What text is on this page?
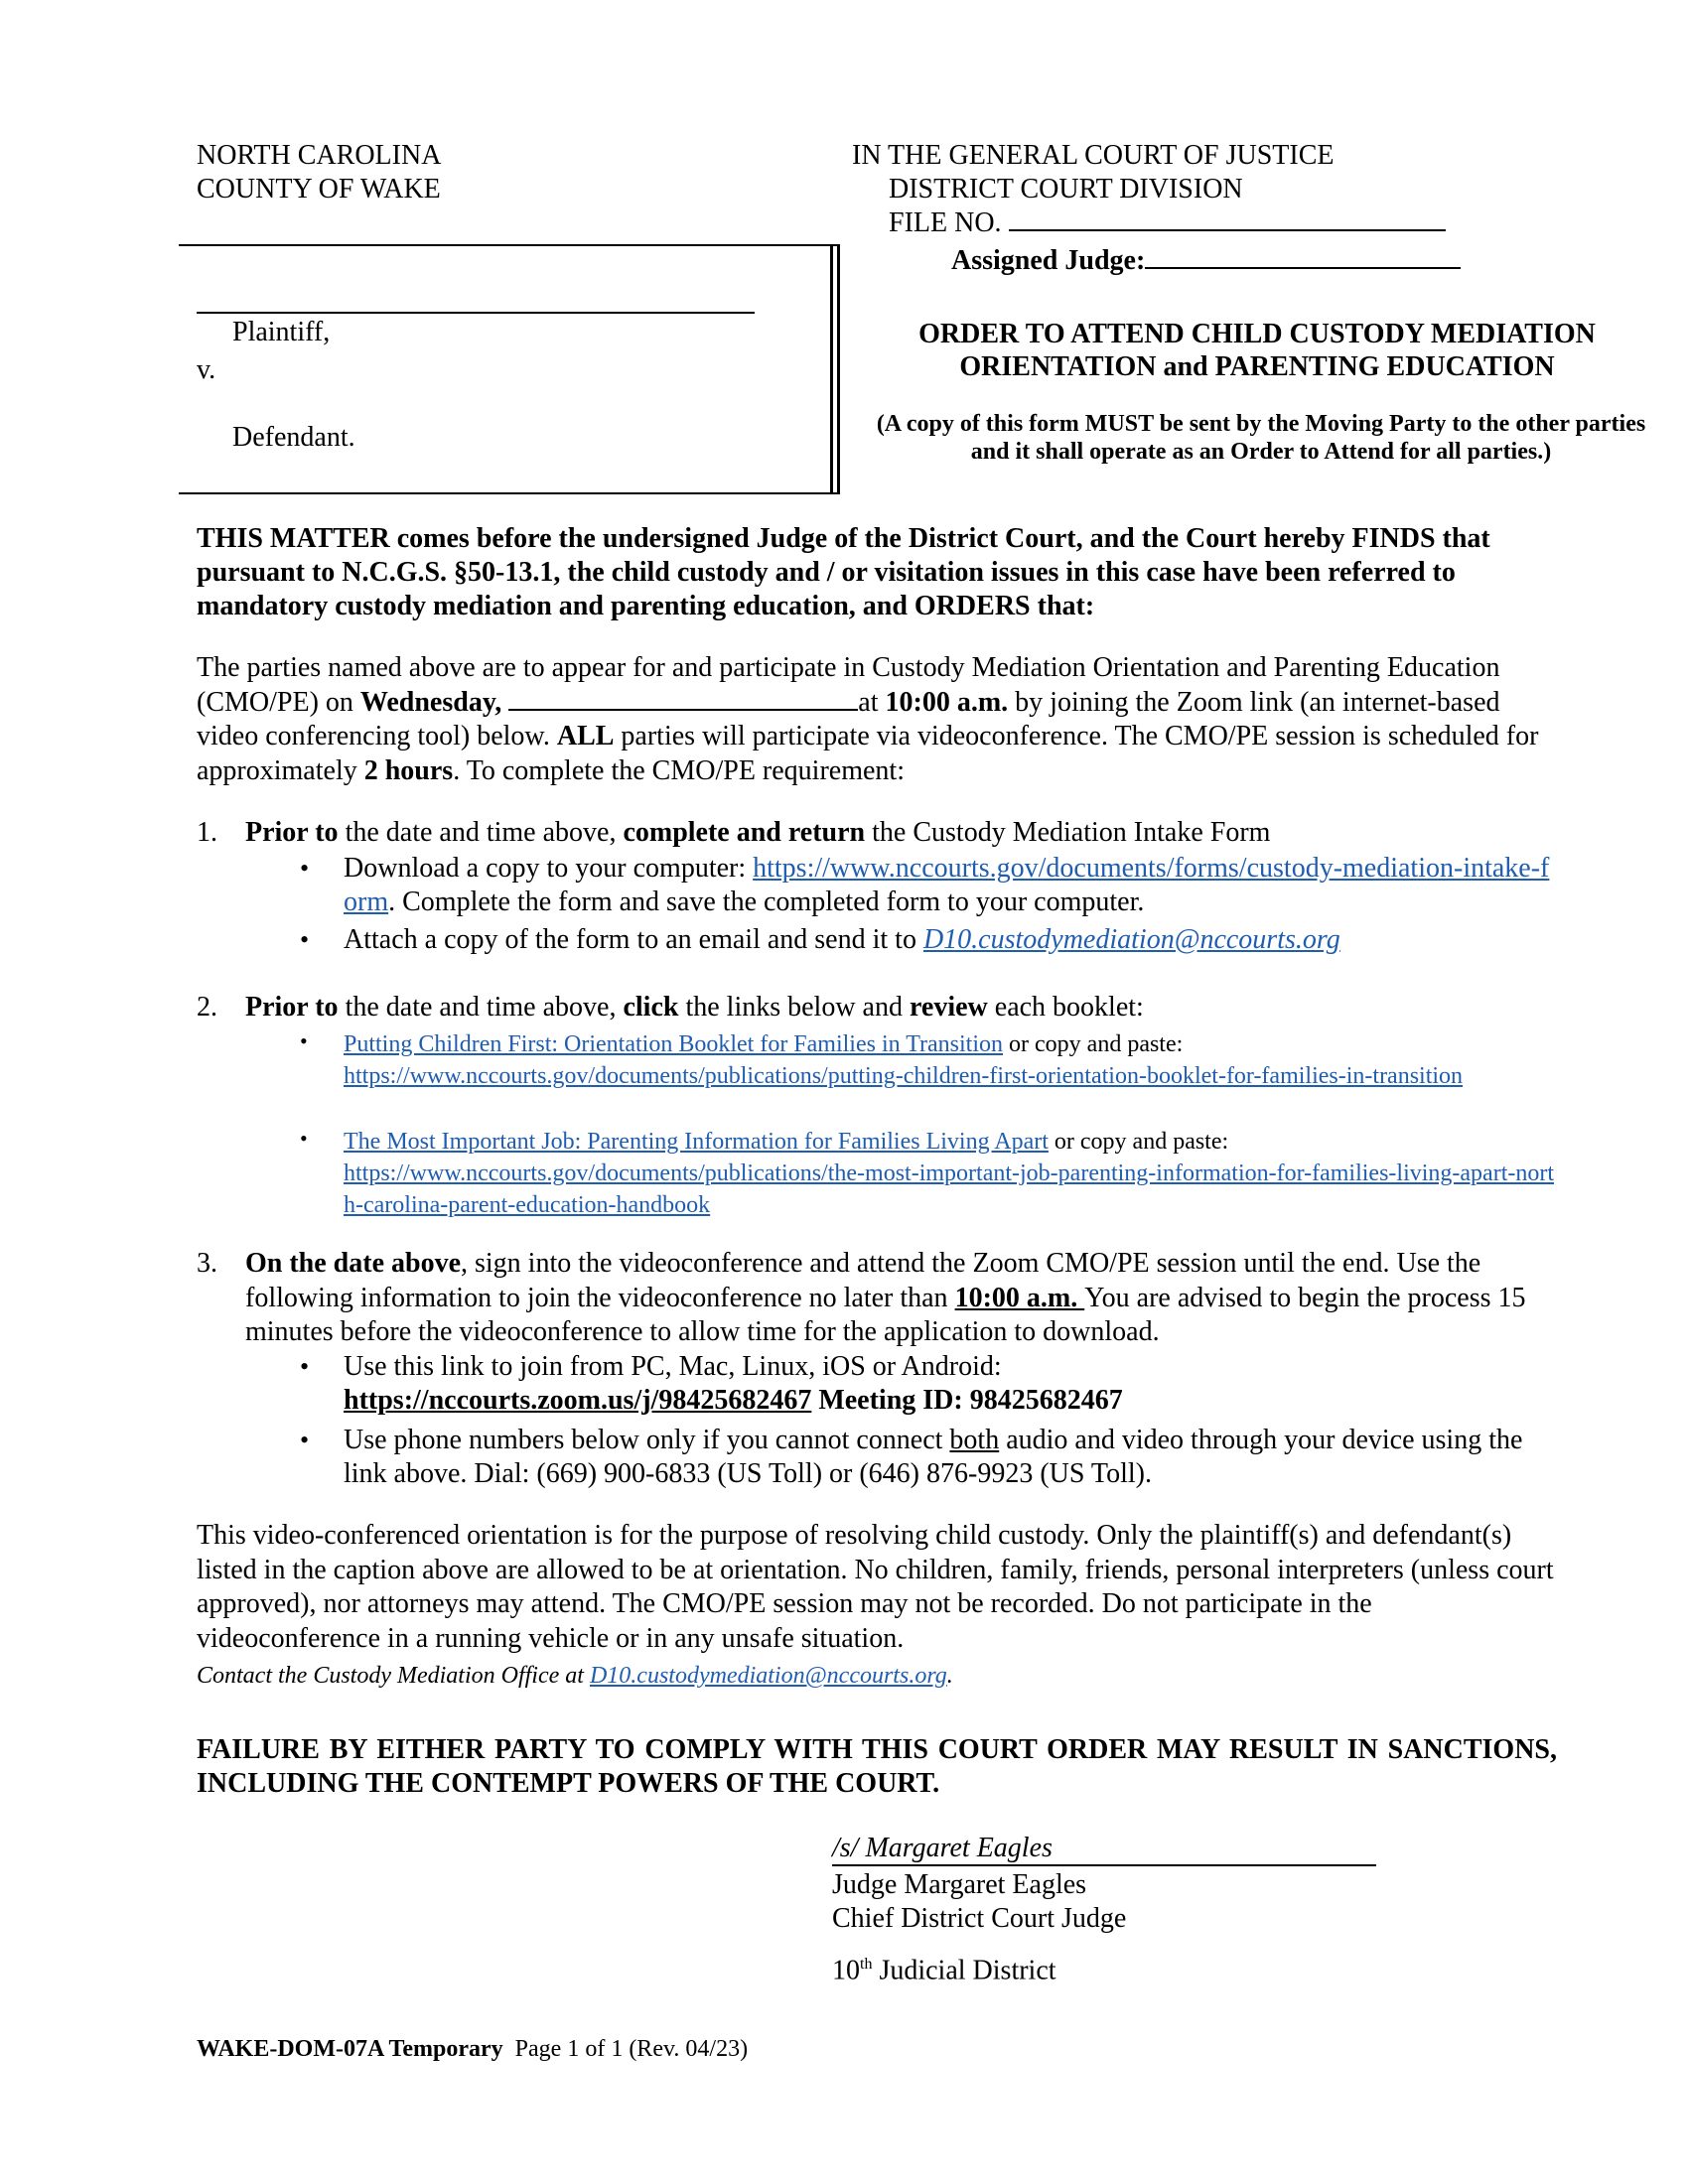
NORTH CAROLINA
COUNTY OF WAKE
IN THE GENERAL COURT OF JUSTICE
DISTRICT COURT DIVISION
FILE NO.
Assigned Judge:
Plaintiff,
v.
Defendant.
ORDER TO ATTEND CHILD CUSTODY MEDIATION
ORIENTATION and PARENTING EDUCATION
(A copy of this form MUST be sent by the Moving Party to the other parties and it shall operate as an Order to Attend for all parties.)
THIS MATTER comes before the undersigned Judge of the District Court, and the Court hereby FINDS that pursuant to N.C.G.S. §50-13.1, the child custody and / or visitation issues in this case have been referred to mandatory custody mediation and parenting education, and ORDERS that:
The parties named above are to appear for and participate in Custody Mediation Orientation and Parenting Education (CMO/PE) on Wednesday,	at 10:00 a.m. by joining the Zoom link (an internet-based video conferencing tool) below. ALL parties will participate via videoconference. The CMO/PE session is scheduled for approximately 2 hours. To complete the CMO/PE requirement:
1. Prior to the date and time above, complete and return the Custody Mediation Intake Form
• Download a copy to your computer: https://www.nccourts.gov/documents/forms/custody-mediation-intake-form. Complete the form and save the completed form to your computer.
• Attach a copy of the form to an email and send it to D10.custodymediation@nccourts.org
2. Prior to the date and time above, click the links below and review each booklet:
• Putting Children First: Orientation Booklet for Families in Transition or copy and paste:
https://www.nccourts.gov/documents/publications/putting-children-first-orientation-booklet-for-families-in-transition
• The Most Important Job: Parenting Information for Families Living Apart or copy and paste:
https://www.nccourts.gov/documents/publications/the-most-important-job-parenting-information-for-families-living-apart-north-carolina-parent-education-handbook
3. On the date above, sign into the videoconference and attend the Zoom CMO/PE session until the end. Use the following information to join the videoconference no later than 10:00 a.m. You are advised to begin the process 15 minutes before the videoconference to allow time for the application to download.
• Use this link to join from PC, Mac, Linux, iOS or Android:
https://nccourts.zoom.us/j/98425682467 Meeting ID: 98425682467
• Use phone numbers below only if you cannot connect both audio and video through your device using the link above. Dial: (669) 900-6833 (US Toll) or (646) 876-9923 (US Toll).
This video-conferenced orientation is for the purpose of resolving child custody. Only the plaintiff(s) and defendant(s) listed in the caption above are allowed to be at orientation. No children, family, friends, personal interpreters (unless court approved), nor attorneys may attend. The CMO/PE session may not be recorded. Do not participate in the videoconference in a running vehicle or in any unsafe situation.
Contact the Custody Mediation Office at D10.custodymediation@nccourts.org.
FAILURE BY EITHER PARTY TO COMPLY WITH THIS COURT ORDER MAY RESULT IN SANCTIONS, INCLUDING THE CONTEMPT POWERS OF THE COURT.
/s/ Margaret Eagles
Judge Margaret Eagles
Chief District Court Judge
10th Judicial District
WAKE-DOM-07A Temporary Page 1 of 1 (Rev. 04/23)
